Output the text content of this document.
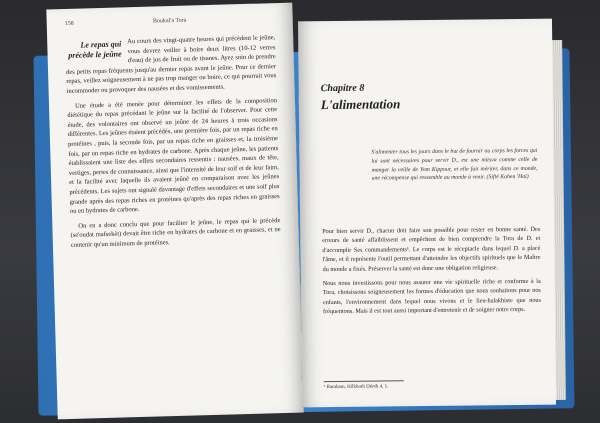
158	Boukal'a Tora
Le repas qui précède le jeûne

Au cours des vingt-quatre heures qui précèdent le jeûne, vous devrez veiller à boire deux litres (10-12 verres d'eau) de jus de fruit ou de tisanes. Ayez soin de prendre des petits repas fréquents jusqu'au dernier repas avant le jeûne. Pour ce dernier repas, veillez soigneusement à ne pas trop manger ou boire, ce qui pourrait vous incommoder ou provoquer des nausées et des vomissements.

Une étude a été menée pour déterminer les effets de la composition diététique du repas précédant le jeûne sur la facilité de l'observer. Pour cette étude, des volontaires ont observé un jeûne de 24 heures à trois occasions différentes. Les jeûnes étaient précédés, une première fois, par un repas riche en protéines , puis, la seconde fois, par un repas riche en graisses et, la troisième fois, par un repas riche en hydrates de carbone. Après chaque jeûne, les patients établissaient une liste des effets secondaires ressentis : nausées, maux de tête, vertiges, pertes de connaissance, ainsi que l'intensité de leur soif et de leur faim, et la facilité avec laquelle ils avaient jeûné en comparaison avec les jeûnes précédents. Les sujets ont signalé davantage d'effets secondaires et une soif plus grande après des repas riches en protéines qu'après des repas riches en graisses ou en hydrates de carbone.

On en a donc conclu que pour faciliter le jeûne, le repas qui le précède (se'oudat mafsekèt) devait être riche en hydrates de carbone et en graisses, et ne contenir qu'un minimum de protéines.

Chapitre 8
L'alimentation
S'alimenter tous les jours dans le but de fournir au corps les forces qui lui sont nécessaires pour servir D., est une mitsva comme celle de manger la veille de Yom Kippour, et elle fait mériter, dans ce monde, une récompense qui ressemble au monde à venir. (Sifté Kohen 'Haï)

Pour bien servir D., chacun doit faire son possible pour rester en bonne santé. Des erreurs de santé affaiblissent et empêchent de bien comprendre la Tora de D. et d'accomplir Ses commandements¹. Le corps est le réceptacle dans lequel D. a placé l'âme, et il représente l'outil permettant d'atteindre les objectifs spirituels que le Maître du monde a fixés. Préserver la santé est donc une obligation religieuse.

Nous nous investissons pour nous assurer une vie spirituelle riche et conforme à la Tora, choisissons soigneusement les formes d'éducation que nous souhaitons pour nos enfants, l'environnement dans lequel nous vivons et le lieu-halakhiste que nous fréquentons. Mais il est tout aussi important d'entretenir et de soigner notre corps.

¹ Rambam, Hilkhoth Déoth 4, 1.
